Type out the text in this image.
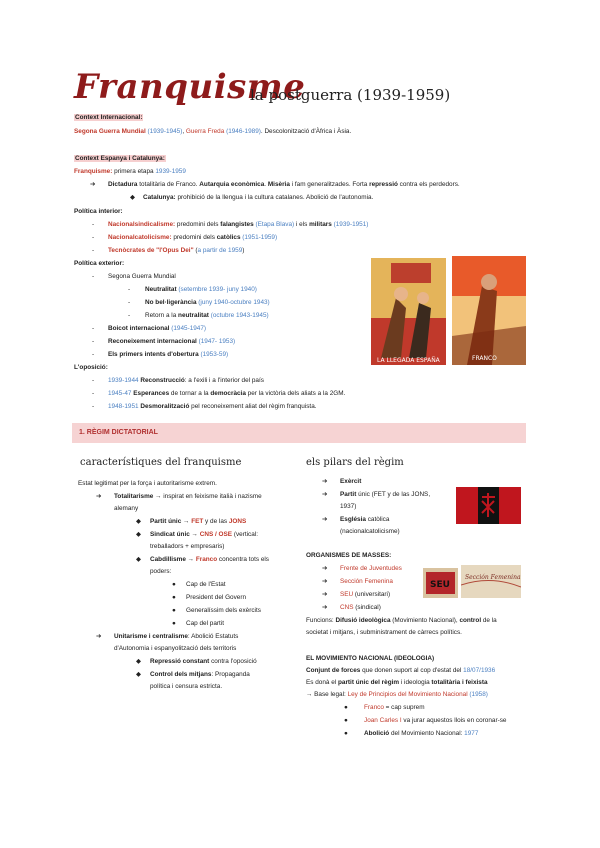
Franquisme
la postguerra (1939-1959)
Context Internacional:
Segona Guerra Mundial (1939-1945), Guerra Freda (1946-1989). Descolonització d'Àfrica i Àsia.
Context Espanya i Catalunya:
Franquisme: primera etapa 1939-1959
➔ Dictadura totalitària de Franco. Autarquia econòmica. Misèria i fam generalitzades. Forta repressió contra els perdedors.
◆ Catalunya: prohibició de la llengua i la cultura catalanes. Abolició de l'autonomia.
Política interior:
- Nacionalsindicalisme: predomini dels falangistes (Etapa Blava) i els militars (1939-1951)
- Nacionalcatolicisme: predomini dels catòlics (1951-1959)
- Tecnòcrates de "l'Opus Dei" (a partir de 1959)
Política exterior:
- Segona Guerra Mundial
- Neutralitat (setembre 1939- juny 1940)
- No bel·ligerància (juny 1940-octubre 1943)
- Retorn a la neutralitat (octubre 1943-1945)
- Boicot internacional (1945-1947)
- Reconeixement internacional (1947- 1953)
- Els primers intents d'obertura (1953-59)
L'oposició:
- 1939-1944 Reconstrucció: a l'exili i a l'interior del país
- 1945-47 Esperances de tornar a la democràcia per la victòria dels aliats a la 2GM.
- 1948-1951 Desmoralització pel reconeixement aliat del règim franquista.
LA LLEGADA ESPAÑA	FRANCO
1. RÈGIM DICTATORIAL
característiques del franquisme
Estat legitimat per la força i autoritarisme extrem.
➔ Totalitarisme → inspirat en feixisme italià i nazisme
alemany
◆ Partit únic → FET y de las JONS
◆ Sindicat únic → CNS / OSE (vertical:
treballadors + empresaris)
◆ Cabdillisme → Franco concentra tots els
poders:
● Cap de l'Estat
● President del Govern
● Generalíssim dels exèrcits
● Cap del partit
➔ Unitarisme i centralisme: Abolició Estatuts
d'Autonomia i espanyolització dels territoris
◆ Repressió constant contra l'oposició
◆ Control dels mitjans: Propaganda
política i censura estricta.
els pilars del règim
➔ Exèrcit
➔ Partit únic (FET y de las JONS,
1937)
➔ Església catòlica
(nacionalcatolicisme)
ORGANISMES DE MASSES:
➔ Frente de Juventudes
➔ Sección Femenina
➔ SEU (universitari)
➔ CNS (sindical)
SEU
Sección Femenina
Funcions: Difusió ideològica (Movimiento Nacional), control de la
societat i mitjans, i subministrament de càrrecs polítics.
EL MOVIMIENTO NACIONAL (IDEOLOGIA)
Conjunt de forces que donen suport al cop d'estat del 18/07/1936
Es donà el partit únic del règim i ideologia totalitària i feixista
→ Base legal: Ley de Principios del Movimiento Nacional (1958)
●	Franco = cap suprem
●	Joan Carles I va jurar aquestos llois en coronar-se
●	Abolició del Movimiento Nacional: 1977
